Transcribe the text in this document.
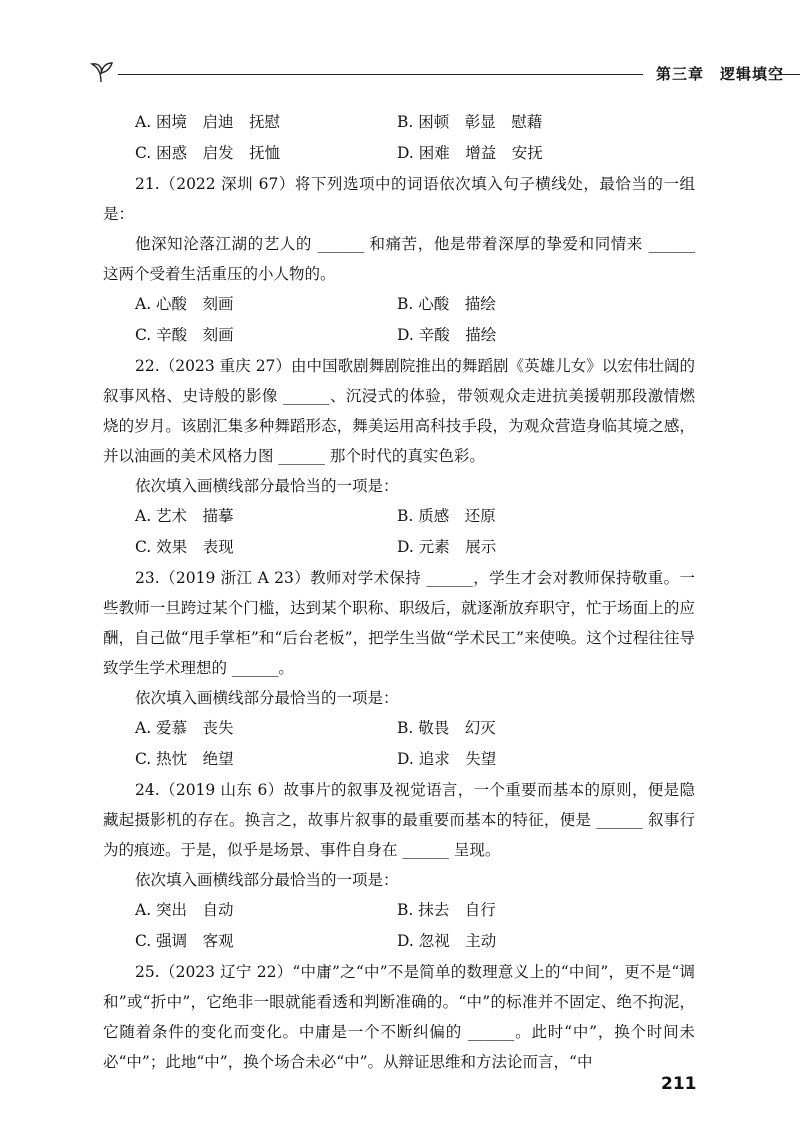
第三章　逻辑填空
A. 困境　启迪　抚慰	B. 困顿　彰显　慰藉
C. 困惑　启发　抚恤	D. 困难　增益　安抚

21.（2022 深圳 67）将下列选项中的词语依次填入句子横线处，最恰当的一组是：

他深知沦落江湖的艺人的 ______ 和痛苦，他是带着深厚的挚爱和同情来 ______ 这两个受着生活重压的小人物的。

A. 心酸　刻画	B. 心酸　描绘
C. 辛酸　刻画	D. 辛酸　描绘

22.（2023 重庆 27）由中国歌剧舞剧院推出的舞蹈剧《英雄儿女》以宏伟壮阔的叙事风格、史诗般的影像 ______、沉浸式的体验，带领观众走进抗美援朝那段激情燃烧的岁月。该剧汇集多种舞蹈形态，舞美运用高科技手段，为观众营造身临其境之感，并以油画的美术风格力图 ______ 那个时代的真实色彩。

依次填入画横线部分最恰当的一项是：

A. 艺术　描摹	B. 质感　还原
C. 效果　表现	D. 元素　展示

23.（2019 浙江 A 23）教师对学术保持 ______，学生才会对教师保持敬重。一些教师一旦跨过某个门槛，达到某个职称、职级后，就逐渐放弃职守，忙于场面上的应酬，自己做“甩手掌柜”和“后台老板”，把学生当做“学术民工”来使唤。这个过程往往导致学生学术理想的 ______。

依次填入画横线部分最恰当的一项是：

A. 爱慕　丧失	B. 敬畏　幻灭
C. 热忱　绝望	D. 追求　失望

24.（2019 山东 6）故事片的叙事及视觉语言，一个重要而基本的原则，便是隐藏起摄影机的存在。换言之，故事片叙事的最重要而基本的特征，便是 ______ 叙事行为的痕迹。于是，似乎是场景、事件自身在 ______ 呈现。

依次填入画横线部分最恰当的一项是：

A. 突出　自动	B. 抹去　自行
C. 强调　客观	D. 忽视　主动

25.（2023 辽宁 22）“中庸”之“中”不是简单的数理意义上的“中间”，更不是“调和”或“折中”，它绝非一眼就能看透和判断准确的。“中”的标准并不固定、绝不拘泥，它随着条件的变化而变化。中庸是一个不断纠偏的 ______。此时“中”，换个时间未必“中”；此地“中”，换个场合未必“中”。从辩证思维和方法论而言，“中

211
